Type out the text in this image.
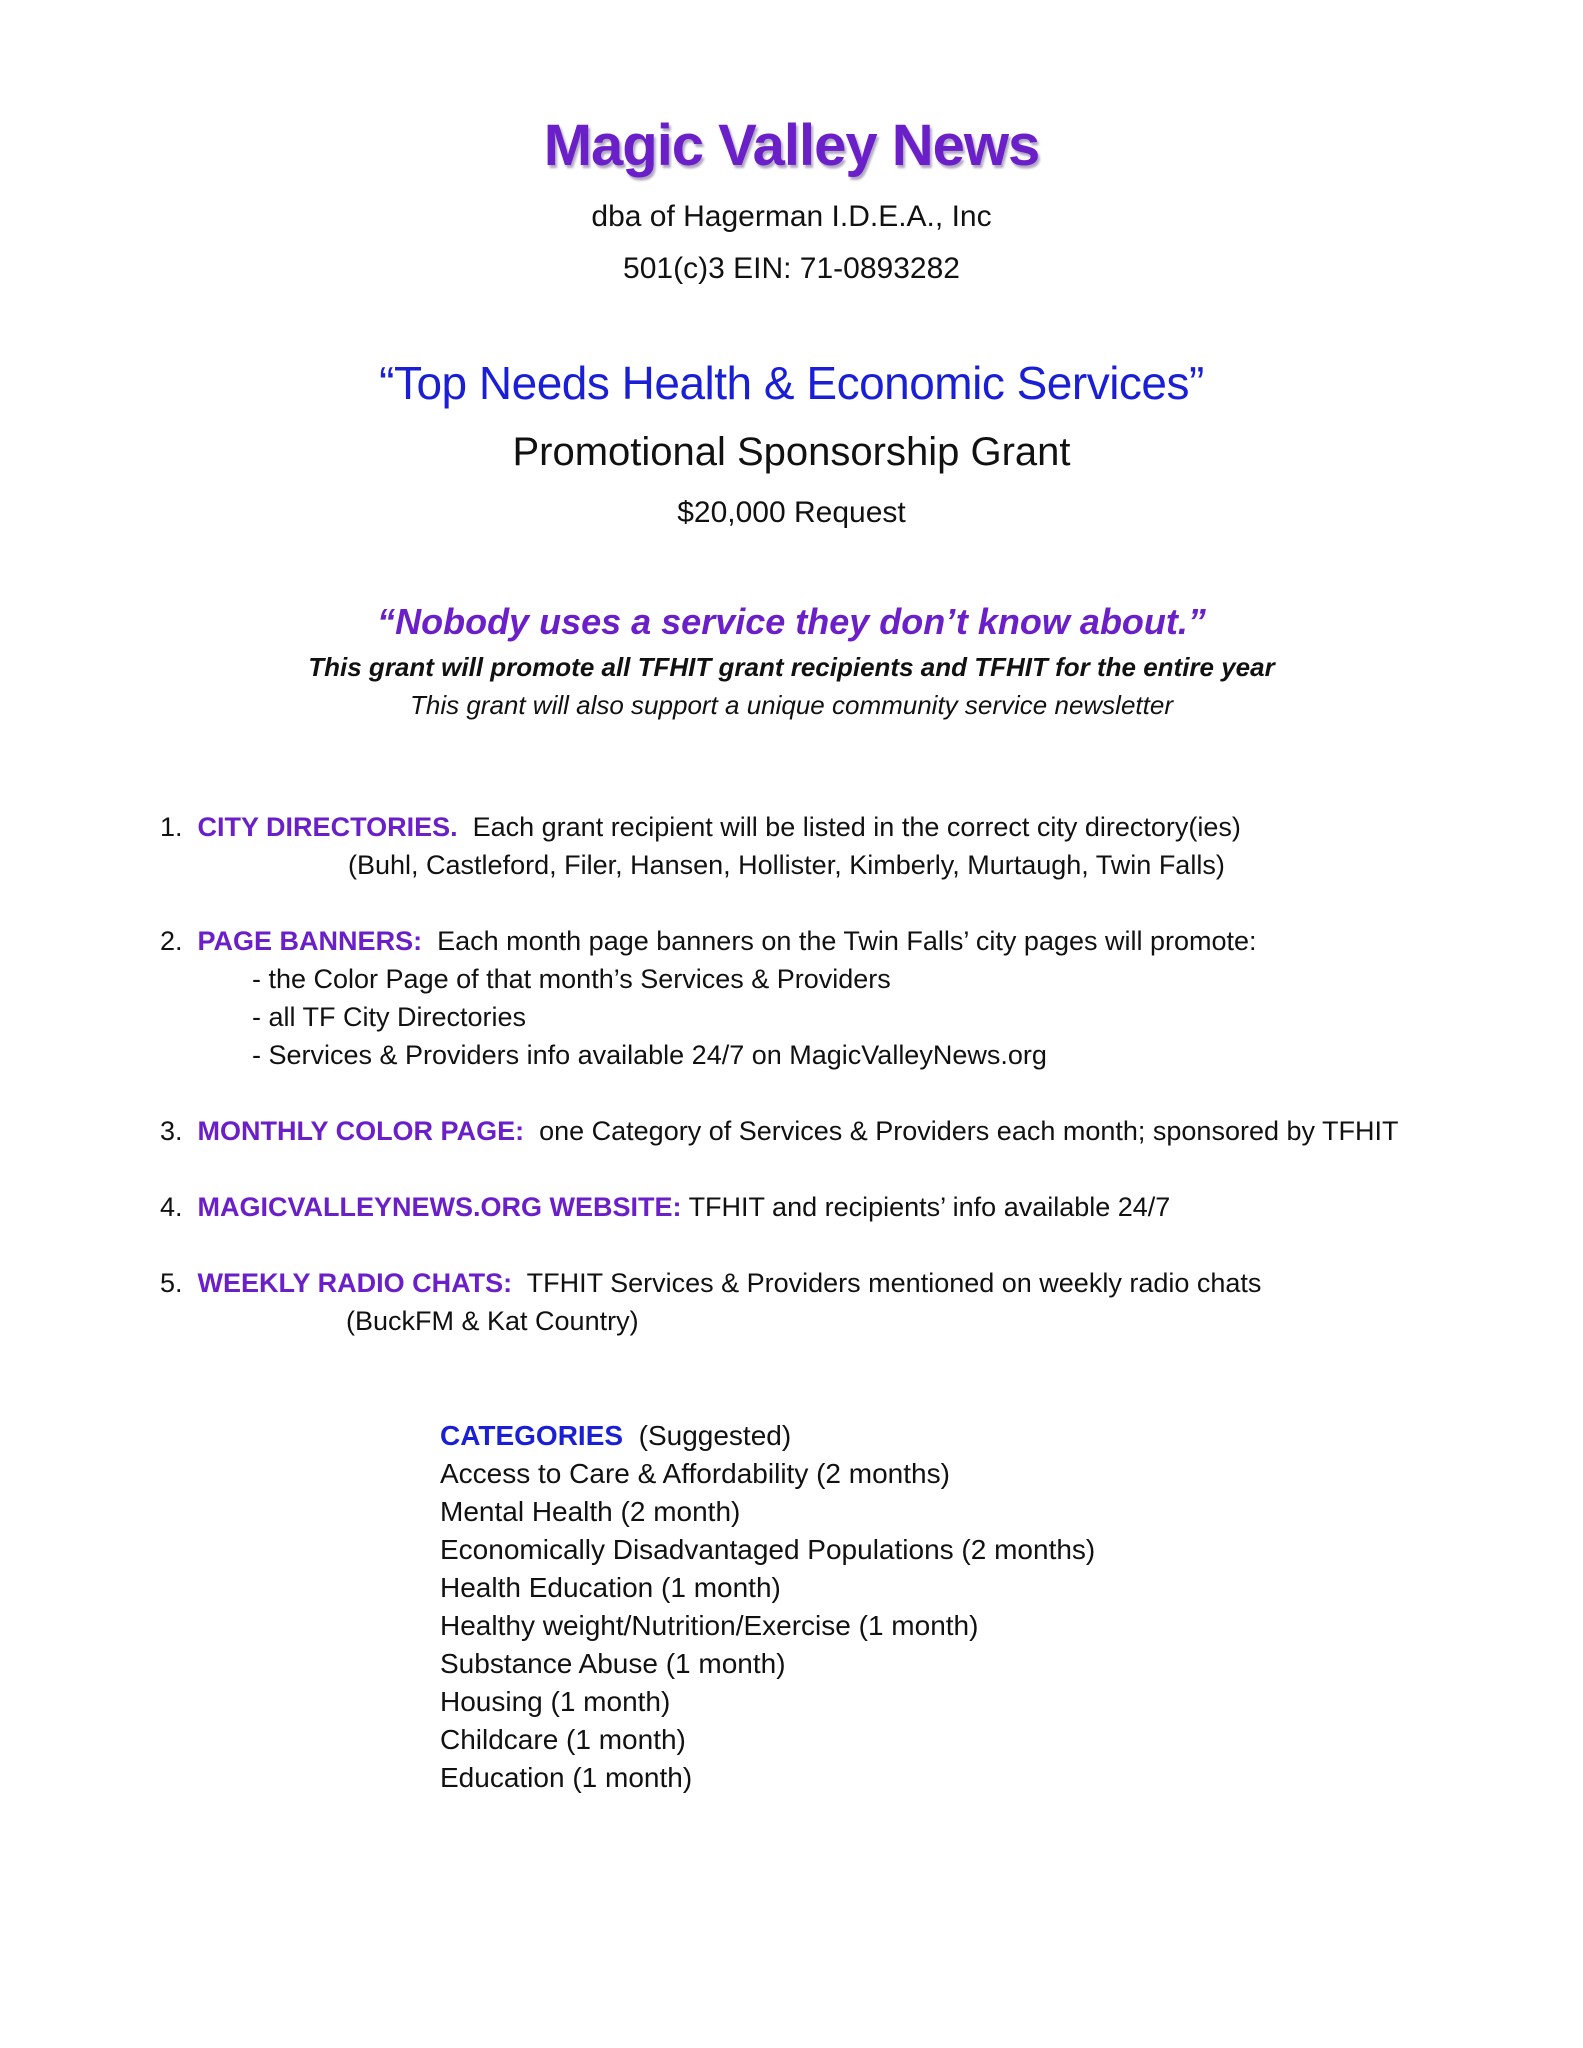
Magic Valley News
dba of Hagerman I.D.E.A., Inc
501(c)3 EIN: 71-0893282
“Top Needs Health & Economic Services”
Promotional Sponsorship Grant
$20,000 Request
“Nobody uses a service they don’t know about.”
This grant will promote all TFHIT grant recipients and TFHIT for the entire year
This grant will also support a unique community service newsletter
1. CITY DIRECTORIES. Each grant recipient will be listed in the correct city directory(ies)
(Buhl, Castleford, Filer, Hansen, Hollister, Kimberly, Murtaugh, Twin Falls)
2. PAGE BANNERS: Each month page banners on the Twin Falls’ city pages will promote:
- the Color Page of that month’s Services & Providers
- all TF City Directories
- Services & Providers info available 24/7 on MagicValleyNews.org
3. MONTHLY COLOR PAGE: one Category of Services & Providers each month; sponsored by TFHIT
4. MAGICVALLEYNEWS.ORG WEBSITE: TFHIT and recipients’ info available 24/7
5. WEEKLY RADIO CHATS: TFHIT Services & Providers mentioned on weekly radio chats
(BuckFM & Kat Country)
CATEGORIES (Suggested)
Access to Care & Affordability (2 months)
Mental Health (2 month)
Economically Disadvantaged Populations (2 months)
Health Education (1 month)
Healthy weight/Nutrition/Exercise (1 month)
Substance Abuse (1 month)
Housing (1 month)
Childcare (1 month)
Education (1 month)
